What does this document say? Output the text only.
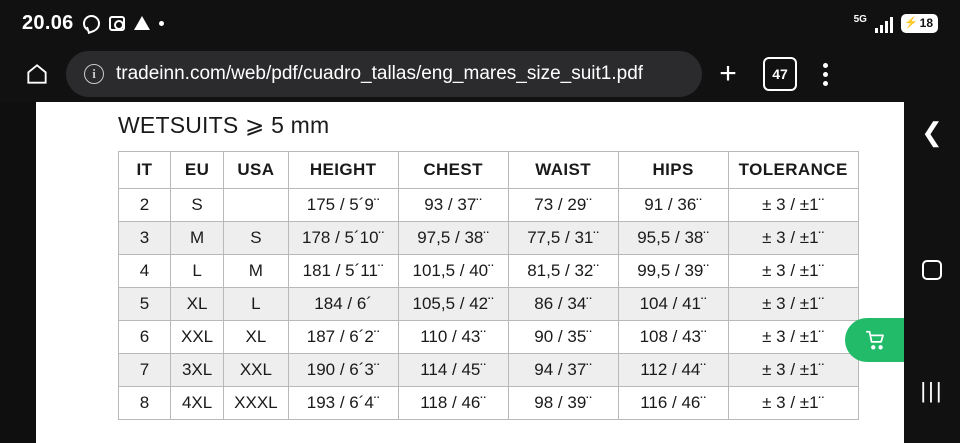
20.06	5G	⚡ 18
i	tradeinn.com/web/pdf/cuadro_tallas/eng_mares_size_suit1.pdf	+	47
WETSUITS ⩾ 5 mm
IT	EU	USA	HEIGHT	CHEST	WAIST	HIPS	TOLERANCE
2	S		175 / 5´9¨	93 / 37¨	73 / 29¨	91 / 36¨	± 3 / ±1¨
3	M	S	178 / 5´10¨	97,5 / 38¨	77,5 / 31¨	95,5 / 38¨	± 3 / ±1¨
4	L	M	181 / 5´11¨	101,5 / 40¨	81,5 / 32¨	99,5 / 39¨	± 3 / ±1¨
5	XL	L	184 / 6´	105,5 / 42¨	86 / 34¨	104 / 41¨	± 3 / ±1¨
6	XXL	XL	187 / 6´2¨	110 / 43¨	90 / 35¨	108 / 43¨	± 3 / ±1¨
7	3XL	XXL	190 / 6´3¨	114 / 45¨	94 / 37¨	112 / 44¨	± 3 / ±1¨
8	4XL	XXXL	193 / 6´4¨	118 / 46¨	98 / 39¨	116 / 46¨	± 3 / ±1¨

❮
|||
